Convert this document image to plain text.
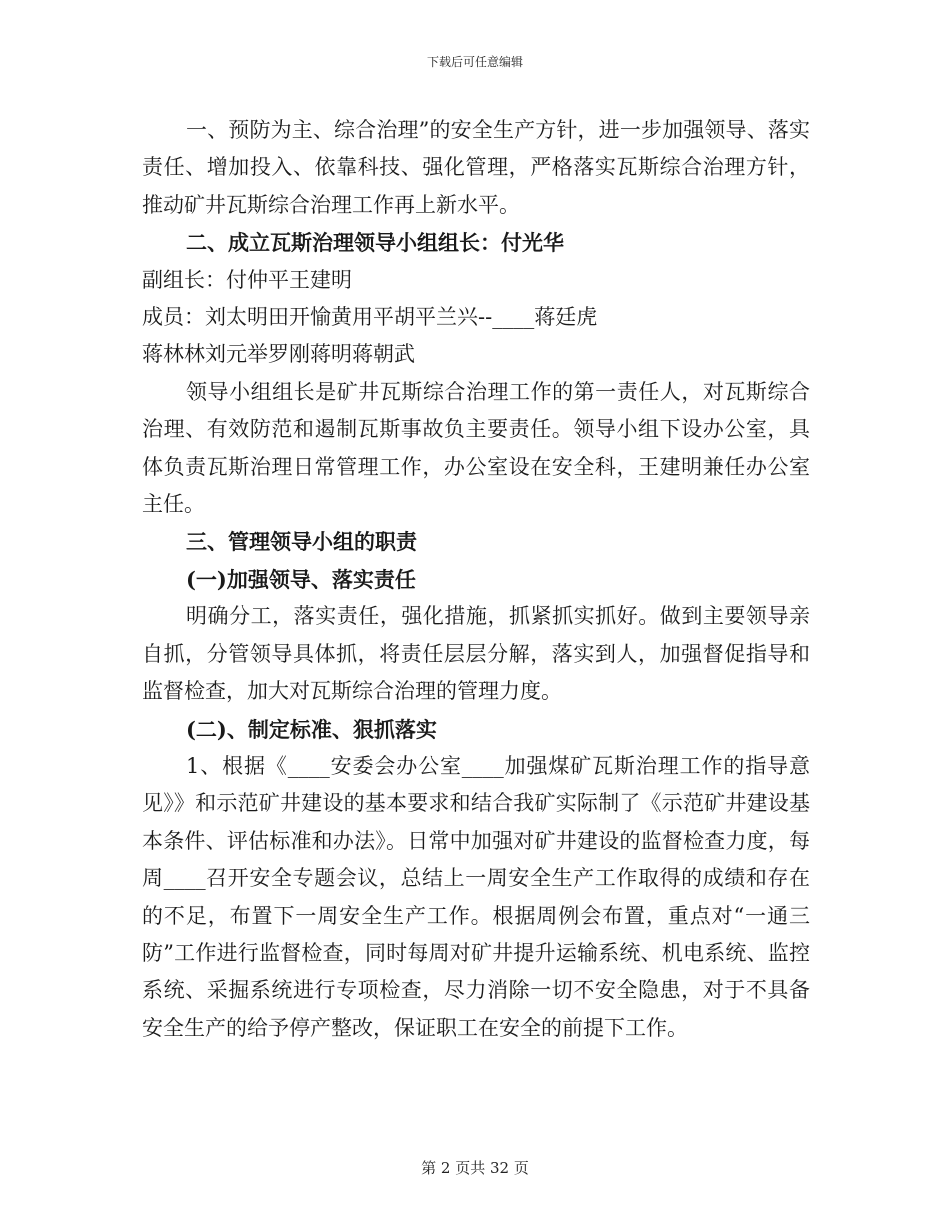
下载后可任意编辑

一、预防为主、综合治理”的安全生产方针，进一步加强领导、落实责任、增加投入、依靠科技、强化管理，严格落实瓦斯综合治理方针，推动矿井瓦斯综合治理工作再上新水平。

二、成立瓦斯治理领导小组组长：付光华

副组长：付仲平王建明

成员：刘太明田开愉黄用平胡平兰兴--____蒋廷虎

蒋林林刘元举罗刚蒋明蒋朝武

领导小组组长是矿井瓦斯综合治理工作的第一责任人，对瓦斯综合治理、有效防范和遏制瓦斯事故负主要责任。领导小组下设办公室，具体负责瓦斯治理日常管理工作，办公室设在安全科，王建明兼任办公室主任。

三、管理领导小组的职责

(一)加强领导、落实责任

明确分工，落实责任，强化措施，抓紧抓实抓好。做到主要领导亲自抓，分管领导具体抓，将责任层层分解，落实到人，加强督促指导和监督检查，加大对瓦斯综合治理的管理力度。

(二)、制定标准、狠抓落实

1、根据《____安委会办公室____加强煤矿瓦斯治理工作的指导意见》》和示范矿井建设的基本要求和结合我矿实际制了《示范矿井建设基本条件、评估标准和办法》。日常中加强对矿井建设的监督检查力度，每周____召开安全专题会议，总结上一周安全生产工作取得的成绩和存在的不足，布置下一周安全生产工作。根据周例会布置，重点对“一通三防”工作进行监督检查，同时每周对矿井提升运输系统、机电系统、监控系统、采掘系统进行专项检查，尽力消除一切不安全隐患，对于不具备安全生产的给予停产整改，保证职工在安全的前提下工作。

第 2 页共 32 页
